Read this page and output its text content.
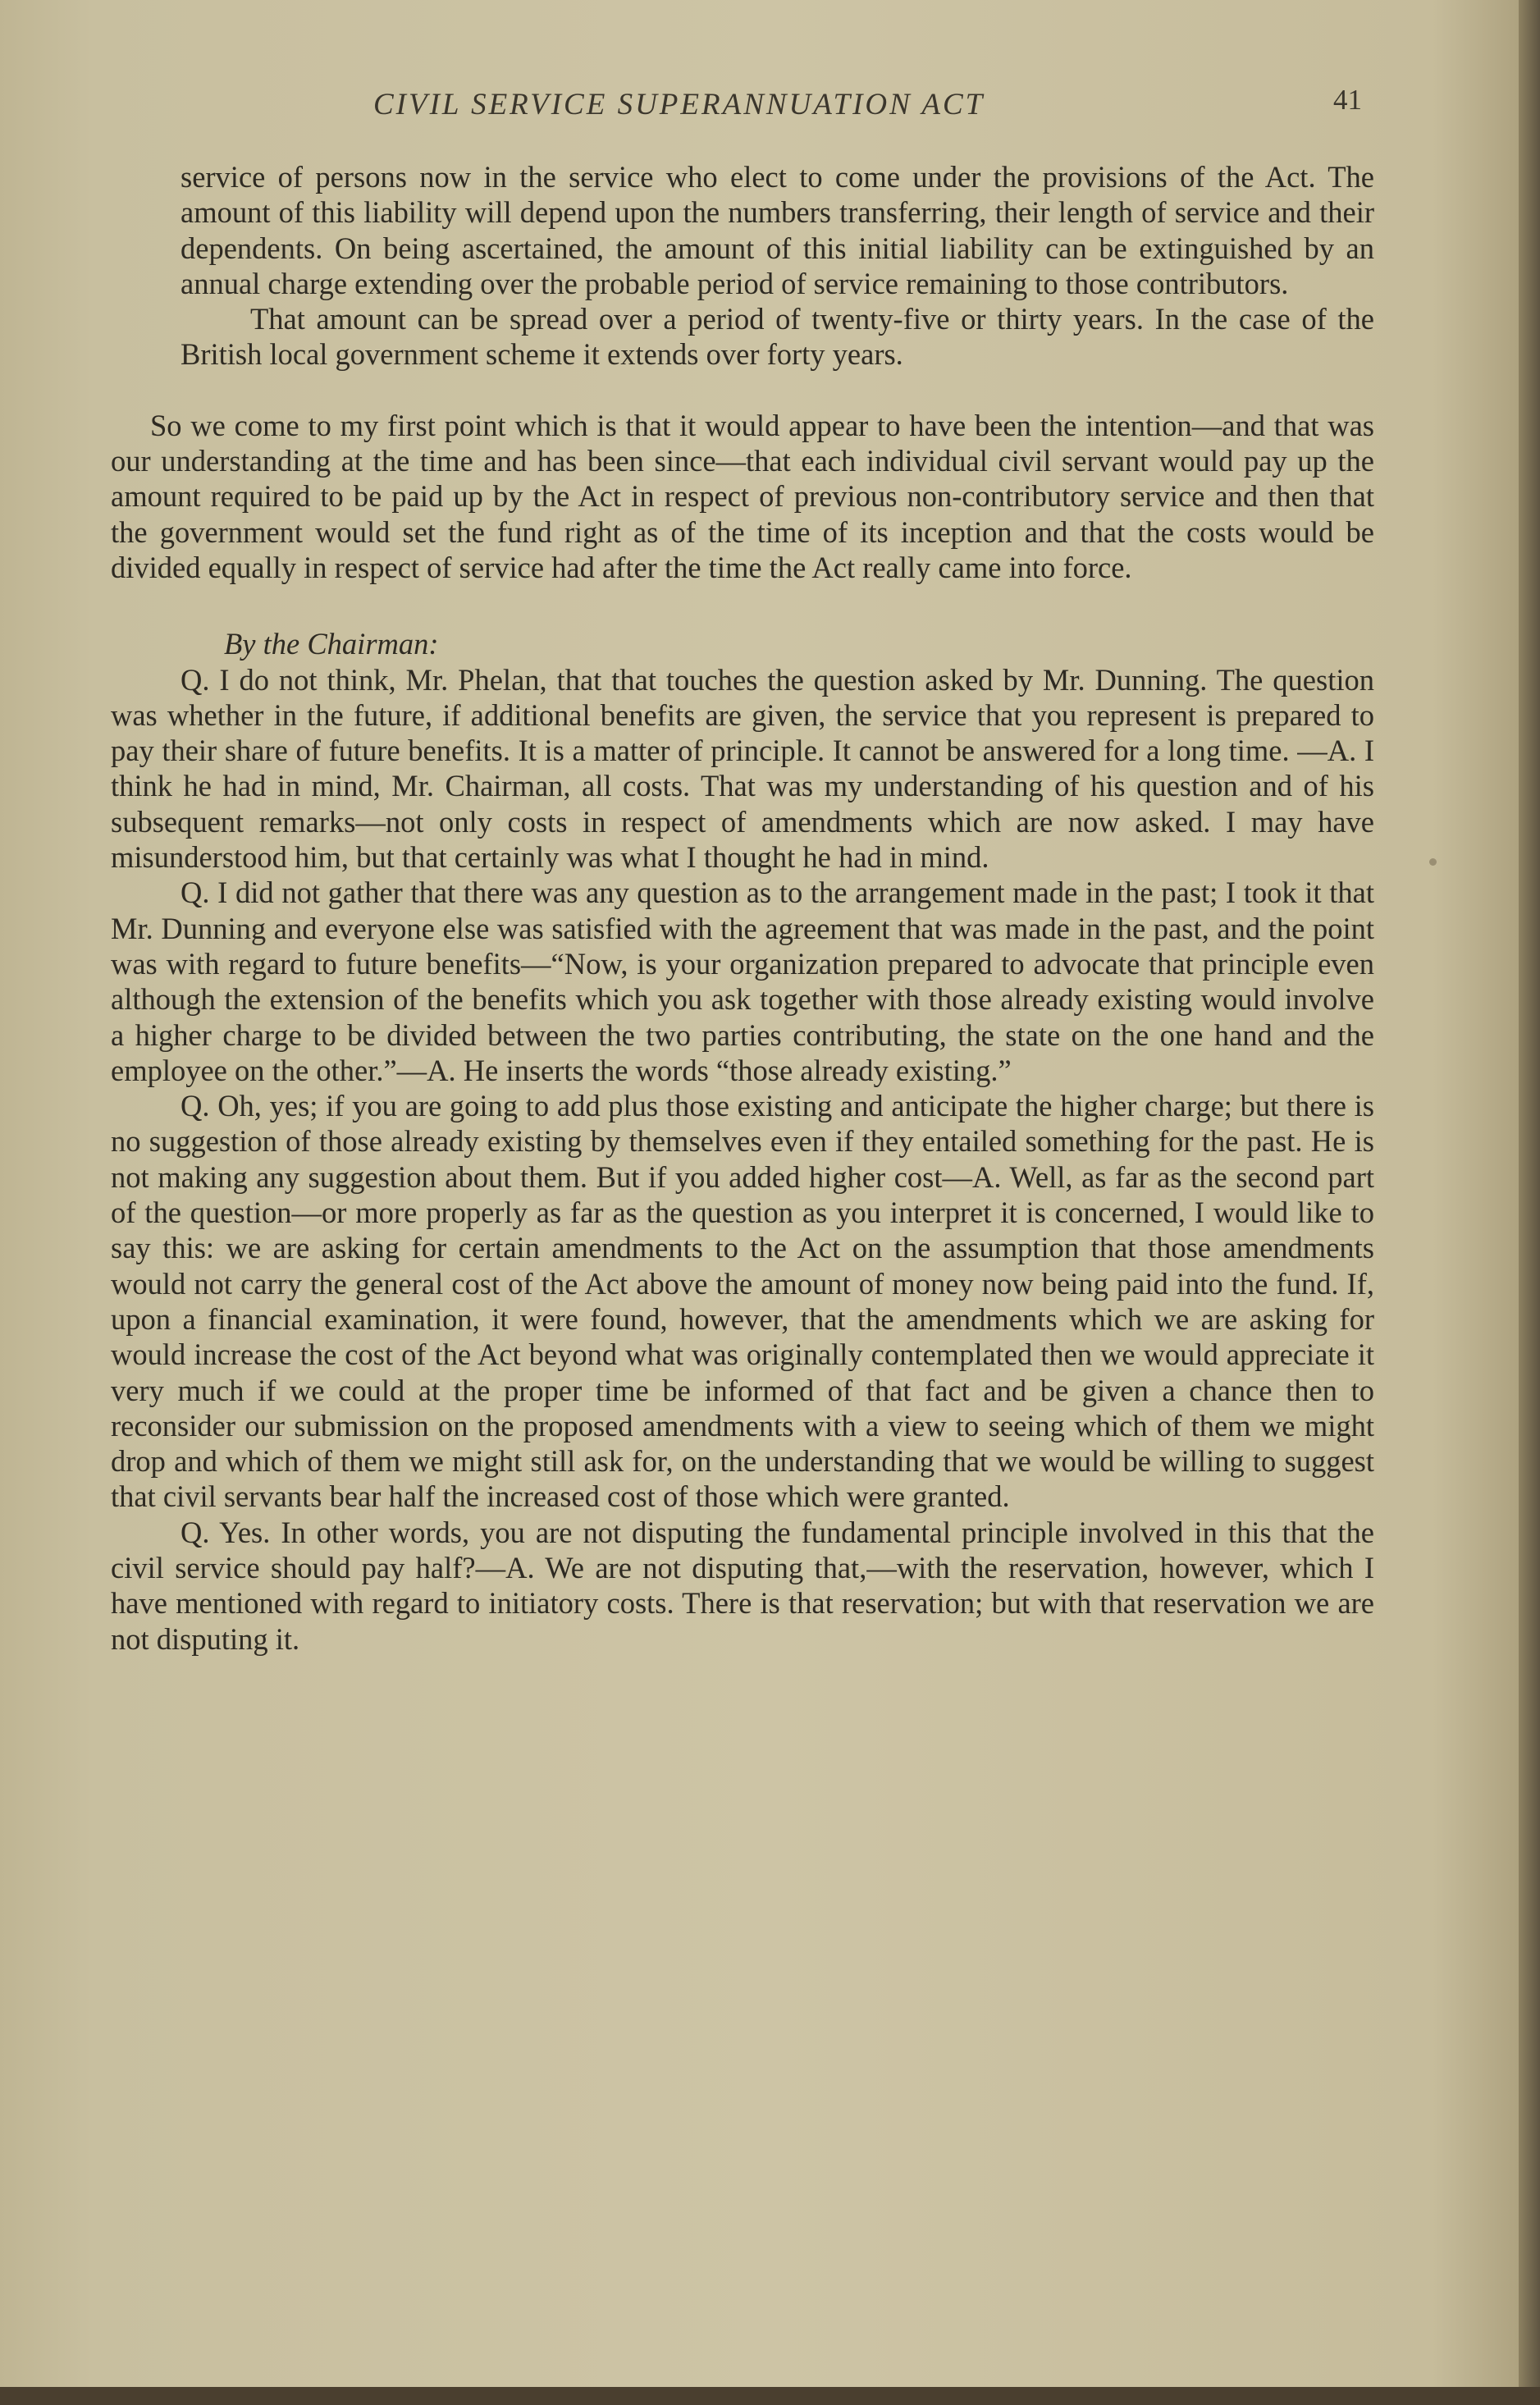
CIVIL SERVICE SUPERANNUATION ACT	41

service of persons now in the service who elect to come under the provisions of the Act. The amount of this liability will depend upon the numbers transferring, their length of service and their dependents. On being ascertained, the amount of this initial liability can be extinguished by an annual charge extending over the probable period of service remaining to those contributors.

That amount can be spread over a period of twenty-five or thirty years. In the case of the British local government scheme it extends over forty years.

So we come to my first point which is that it would appear to have been the intention—and that was our understanding at the time and has been since—that each individual civil servant would pay up the amount required to be paid up by the Act in respect of previous non-contributory service and then that the government would set the fund right as of the time of its inception and that the costs would be divided equally in respect of service had after the time the Act really came into force.

By the Chairman:

Q. I do not think, Mr. Phelan, that that touches the question asked by Mr. Dunning. The question was whether in the future, if additional benefits are given, the service that you represent is prepared to pay their share of future benefits. It is a matter of principle. It cannot be answered for a long time. —A. I think he had in mind, Mr. Chairman, all costs. That was my understanding of his question and of his subsequent remarks—not only costs in respect of amendments which are now asked. I may have misunderstood him, but that certainly was what I thought he had in mind.

Q. I did not gather that there was any question as to the arrangement made in the past; I took it that Mr. Dunning and everyone else was satisfied with the agreement that was made in the past, and the point was with regard to future benefits—“Now, is your organization prepared to advocate that principle even although the extension of the benefits which you ask together with those already existing would involve a higher charge to be divided between the two parties contributing, the state on the one hand and the employee on the other.”—A. He inserts the words “those already existing.”

Q. Oh, yes; if you are going to add plus those existing and anticipate the higher charge; but there is no suggestion of those already existing by themselves even if they entailed something for the past. He is not making any suggestion about them. But if you added higher cost—A. Well, as far as the second part of the question—or more properly as far as the question as you interpret it is concerned, I would like to say this: we are asking for certain amendments to the Act on the assumption that those amendments would not carry the general cost of the Act above the amount of money now being paid into the fund. If, upon a financial examination, it were found, however, that the amendments which we are asking for would increase the cost of the Act beyond what was originally contemplated then we would appreciate it very much if we could at the proper time be informed of that fact and be given a chance then to reconsider our submission on the proposed amendments with a view to seeing which of them we might drop and which of them we might still ask for, on the understanding that we would be willing to suggest that civil servants bear half the increased cost of those which were granted.

Q. Yes. In other words, you are not disputing the fundamental principle involved in this that the civil service should pay half?—A. We are not disputing that,—with the reservation, however, which I have mentioned with regard to initiatory costs. There is that reservation; but with that reservation we are not disputing it.
